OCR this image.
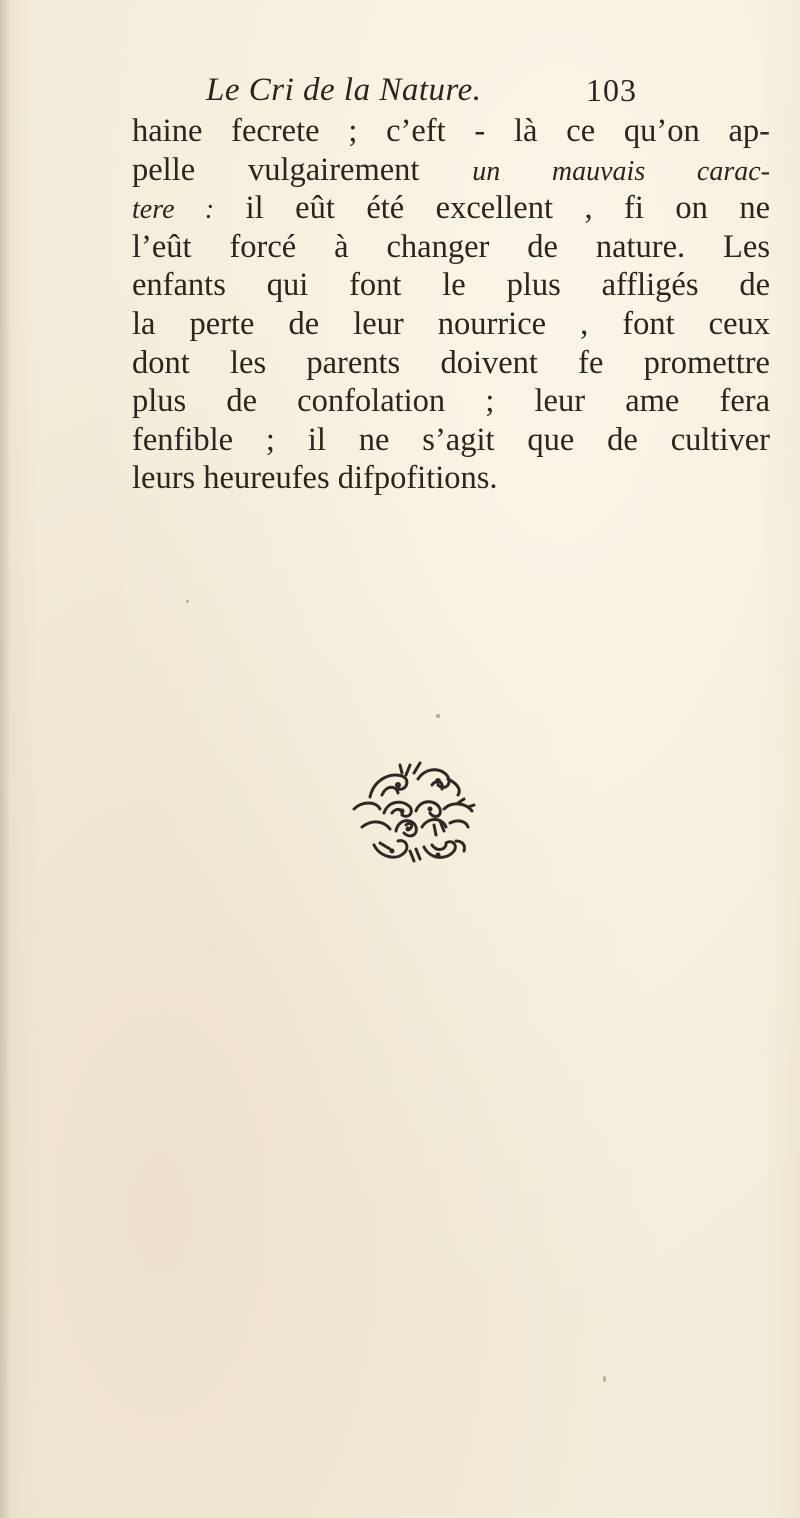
Le Cri de la Nature.	103
haine fecrete ; c’eft - là ce qu’on ap-
pelle vulgairement un mauvais carac-
tere : il eût été excellent , fi on ne
l’eût forcé à changer de nature. Les
enfants qui font le plus affligés de
la perte de leur nourrice , font ceux
dont les parents doivent fe promettre
plus de confolation ; leur ame fera
fenfible ; il ne s’agit que de cultiver
leurs heureufes difpofitions.
